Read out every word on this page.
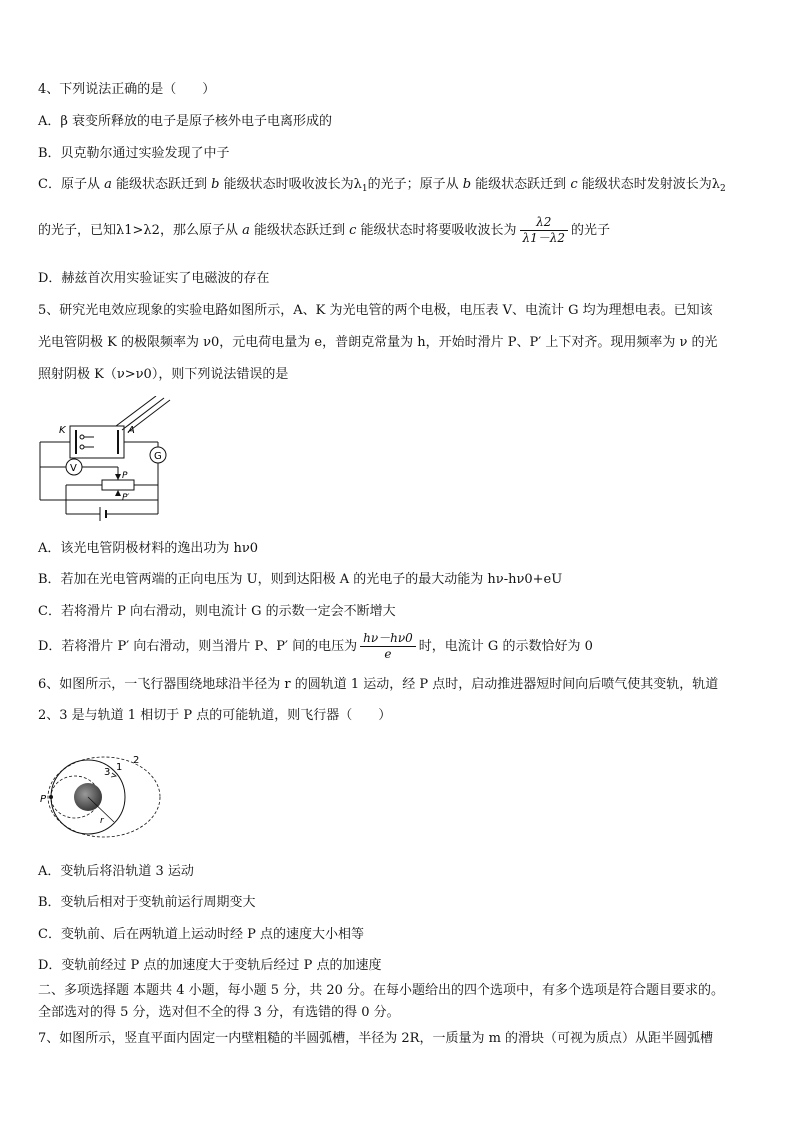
4、下列说法正确的是（　　）
A．β 衰变所释放的电子是原子核外电子电离形成的
B．贝克勒尔通过实验发现了中子
C．原子从 a 能级状态跃迁到 b 能级状态时吸收波长为$\lambda_1$的光子；原子从 b 能级状态跃迁到 c 能级状态时发射波长为$\lambda_2$
的光子，已知λ1>λ2，那么原子从 a 能级状态跃迁到 c 能级状态时将要吸收波长为 $\frac{\lambda 2}{\lambda 1-\lambda 2}$ 的光子
D．赫兹首次用实验证实了电磁波的存在
5、研究光电效应现象的实验电路如图所示，A、K 为光电管的两个电极，电压表 V、电流计 G 均为理想电表。已知该
光电管阴极 K 的极限频率为 ν0，元电荷电量为 e，普朗克常量为 h，开始时滑片 P、P′ 上下对齐。现用频率为 ν 的光
照射阴极 K（ν>ν0），则下列说法错误的是
K	A
V
G
P
P′
A．该光电管阴极材料的逸出功为 hν0
B．若加在光电管两端的正向电压为 U，则到达阳极 A 的光电子的最大动能为 hν-hν0+eU
C．若将滑片 P 向右滑动，则电流计 G 的示数一定会不断增大
D．若将滑片 P′ 向右滑动，则当滑片 P、P′ 间的电压为 $\frac{h\nu-h\nu 0}{e}$ 时，电流计 G 的示数恰好为 0
6、如图所示，一飞行器围绕地球沿半径为 r 的圆轨道 1 运动，经 P 点时，启动推进器短时间向后喷气使其变轨，轨道
2、3 是与轨道 1 相切于 P 点的可能轨道，则飞行器（　　）
P
1
2
3
r
A．变轨后将沿轨道 3 运动
B．变轨后相对于变轨前运行周期变大
C．变轨前、后在两轨道上运动时经 P 点的速度大小相等
D．变轨前经过 P 点的加速度大于变轨后经过 P 点的加速度
二、多项选择题 本题共 4 小题，每小题 5 分，共 20 分。在每小题给出的四个选项中，有多个选项是符合题目要求的。
全部选对的得 5 分，选对但不全的得 3 分，有选错的得 0 分。
7、如图所示，竖直平面内固定一内壁粗糙的半圆弧槽，半径为 2R，一质量为 m 的滑块（可视为质点）从距半圆弧槽
